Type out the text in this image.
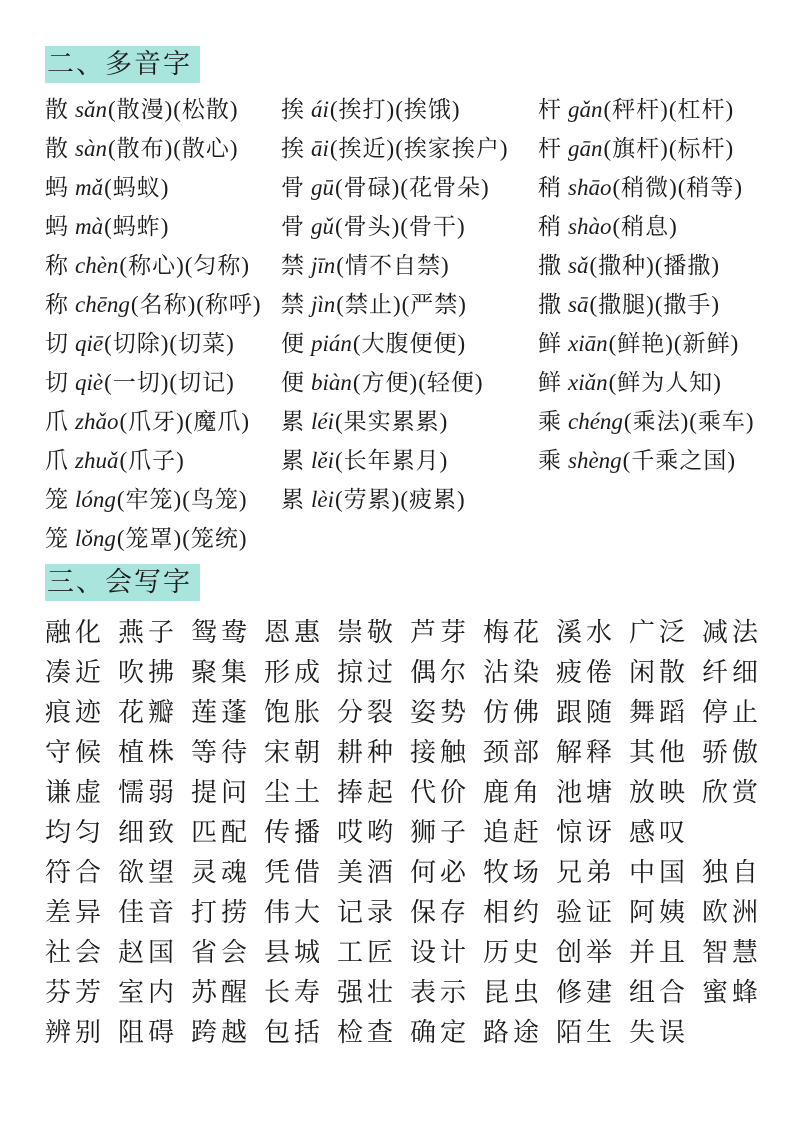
二、多音字
散 sǎn(散漫)(松散)
散 sàn(散布)(散心)
蚂 mǎ(蚂蚁)
蚂 mà(蚂蚱)
称 chèn(称心)(匀称)
称 chēng(名称)(称呼)
切 qiē(切除)(切菜)
切 qiè(一切)(切记)
爪 zhǎo(爪牙)(魔爪)
爪 zhuǎ(爪子)
笼 lóng(牢笼)(鸟笼)
笼 lǒng(笼罩)(笼统)
挨 ái(挨打)(挨饿)
挨 āi(挨近)(挨家挨户)
骨 gū(骨碌)(花骨朵)
骨 gǔ(骨头)(骨干)
禁 jīn(情不自禁)
禁 jìn(禁止)(严禁)
便 pián(大腹便便)
便 biàn(方便)(轻便)
累 léi(果实累累)
累 lěi(长年累月)
累 lèi(劳累)(疲累)
杆 gǎn(秤杆)(杠杆)
杆 gān(旗杆)(标杆)
稍 shāo(稍微)(稍等)
稍 shào(稍息)
撒 sǎ(撒种)(播撒)
撒 sā(撒腿)(撒手)
鲜 xiān(鲜艳)(新鲜)
鲜 xiǎn(鲜为人知)
乘 chéng(乘法)(乘车)
乘 shèng(千乘之国)
三、会写字
融化 燕子 鸳鸯 恩惠 崇敬 芦芽 梅花 溪水 广泛 减法
凑近 吹拂 聚集 形成 掠过 偶尔 沾染 疲倦 闲散 纤细
痕迹 花瓣 莲蓬 饱胀 分裂 姿势 仿佛 跟随 舞蹈 停止
守候 植株 等待 宋朝 耕种 接触 颈部 解释 其他 骄傲
谦虚 懦弱 提问 尘土 捧起 代价 鹿角 池塘 放映 欣赏
均匀 细致 匹配 传播 哎哟 狮子 追赶 惊讶 感叹
符合 欲望 灵魂 凭借 美酒 何必 牧场 兄弟 中国 独自
差异 佳音 打捞 伟大 记录 保存 相约 验证 阿姨 欧洲
社会 赵国 省会 县城 工匠 设计 历史 创举 并且 智慧
芬芳 室内 苏醒 长寿 强壮 表示 昆虫 修建 组合 蜜蜂
辨别 阻碍 跨越 包括 检查 确定 路途 陌生 失误
